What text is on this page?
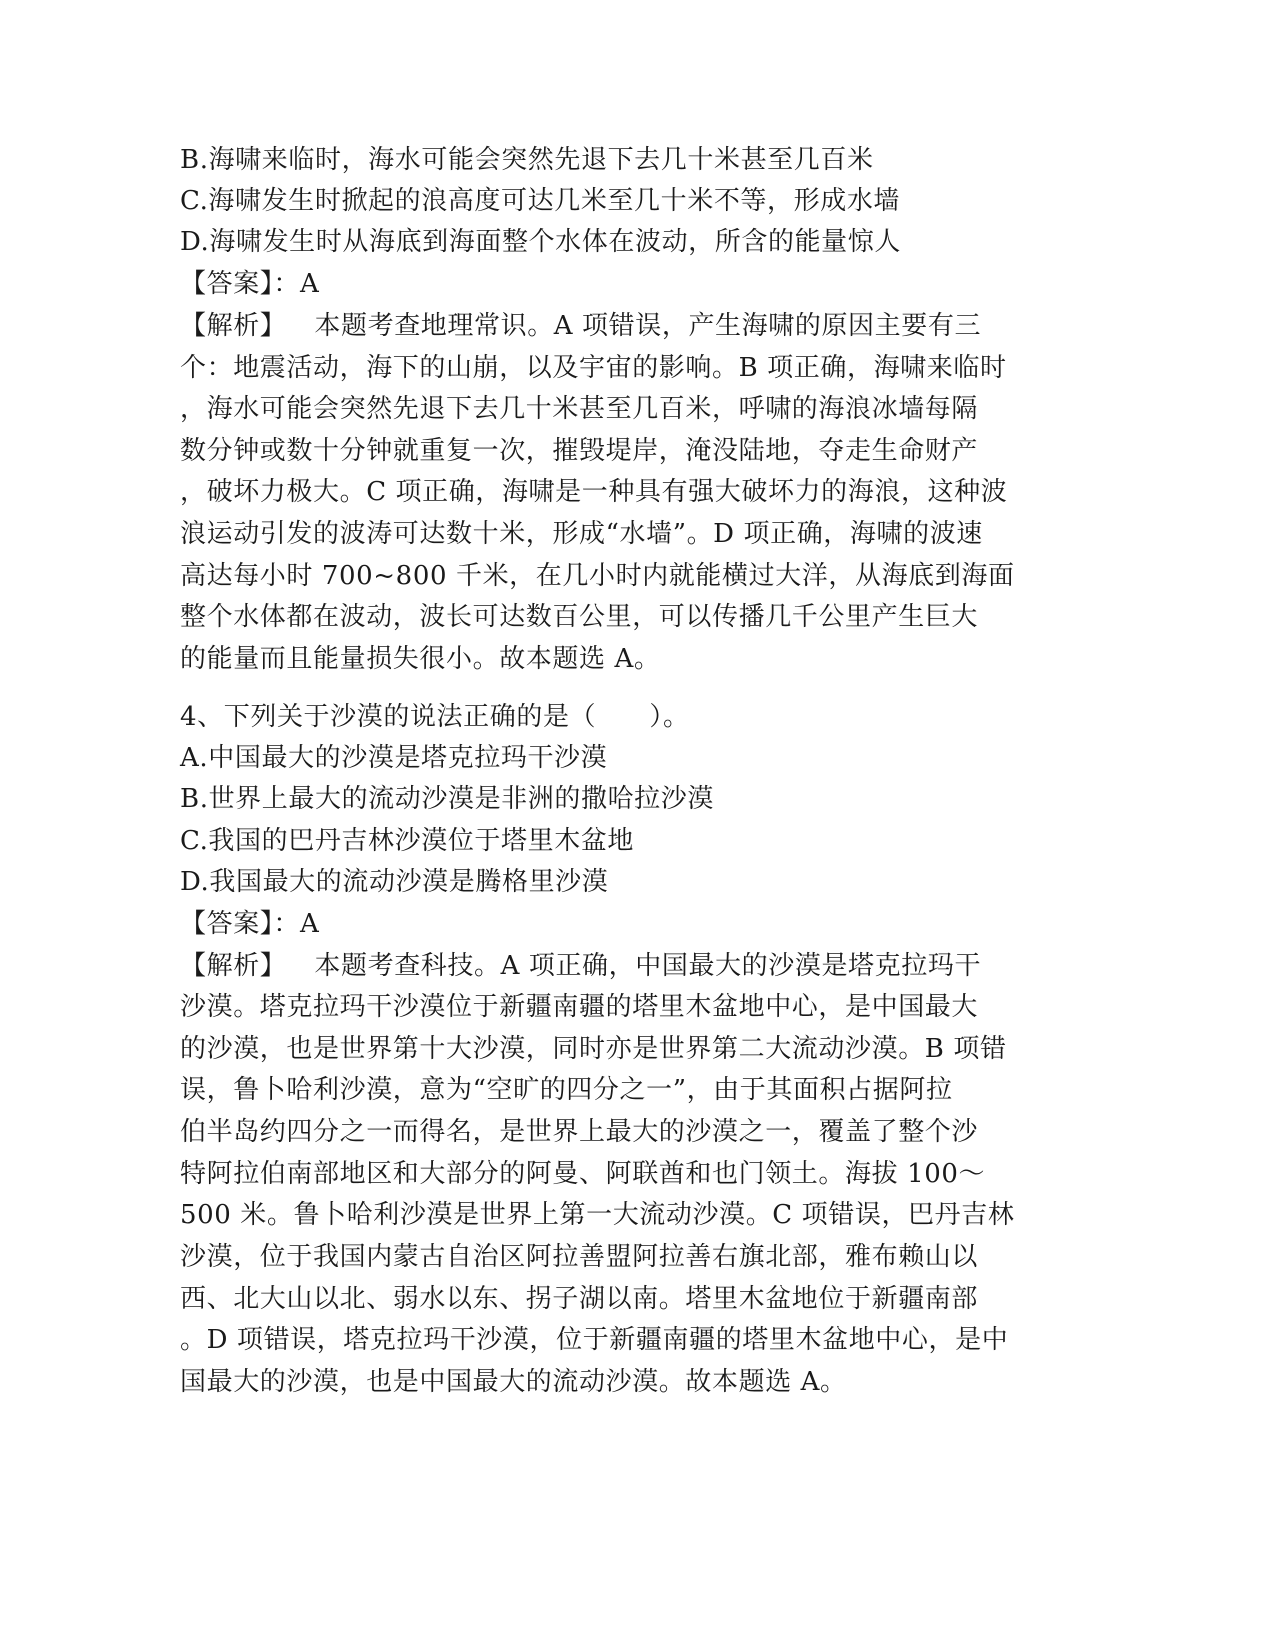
B.海啸来临时，海水可能会突然先退下去几十米甚至几百米
C.海啸发生时掀起的浪高度可达几米至几十米不等，形成水墙
D.海啸发生时从海底到海面整个水体在波动，所含的能量惊人
【答案】：A
【解析】 本题考查地理常识。A 项错误，产生海啸的原因主要有三
个：地震活动，海下的山崩，以及宇宙的影响。B 项正确，海啸来临时
，海水可能会突然先退下去几十米甚至几百米，呼啸的海浪冰墙每隔
数分钟或数十分钟就重复一次，摧毁堤岸，淹没陆地，夺走生命财产
，破坏力极大。C 项正确，海啸是一种具有强大破坏力的海浪，这种波
浪运动引发的波涛可达数十米，形成“水墙”。D 项正确，海啸的波速
高达每小时 700~800 千米，在几小时内就能横过大洋，从海底到海面
整个水体都在波动，波长可达数百公里，可以传播几千公里产生巨大
的能量而且能量损失很小。故本题选 A。
4、下列关于沙漠的说法正确的是（　　）。
A.中国最大的沙漠是塔克拉玛干沙漠
B.世界上最大的流动沙漠是非洲的撒哈拉沙漠
C.我国的巴丹吉林沙漠位于塔里木盆地
D.我国最大的流动沙漠是腾格里沙漠
【答案】：A
【解析】 本题考查科技。A 项正确，中国最大的沙漠是塔克拉玛干
沙漠。塔克拉玛干沙漠位于新疆南疆的塔里木盆地中心，是中国最大
的沙漠，也是世界第十大沙漠，同时亦是世界第二大流动沙漠。B 项错
误，鲁卜哈利沙漠，意为“空旷的四分之一”，由于其面积占据阿拉
伯半岛约四分之一而得名，是世界上最大的沙漠之一，覆盖了整个沙
特阿拉伯南部地区和大部分的阿曼、阿联酋和也门领土。海拔 100～
500 米。鲁卜哈利沙漠是世界上第一大流动沙漠。C 项错误，巴丹吉林
沙漠，位于我国内蒙古自治区阿拉善盟阿拉善右旗北部，雅布赖山以
西、北大山以北、弱水以东、拐子湖以南。塔里木盆地位于新疆南部
。D 项错误，塔克拉玛干沙漠，位于新疆南疆的塔里木盆地中心，是中
国最大的沙漠，也是中国最大的流动沙漠。故本题选 A。
